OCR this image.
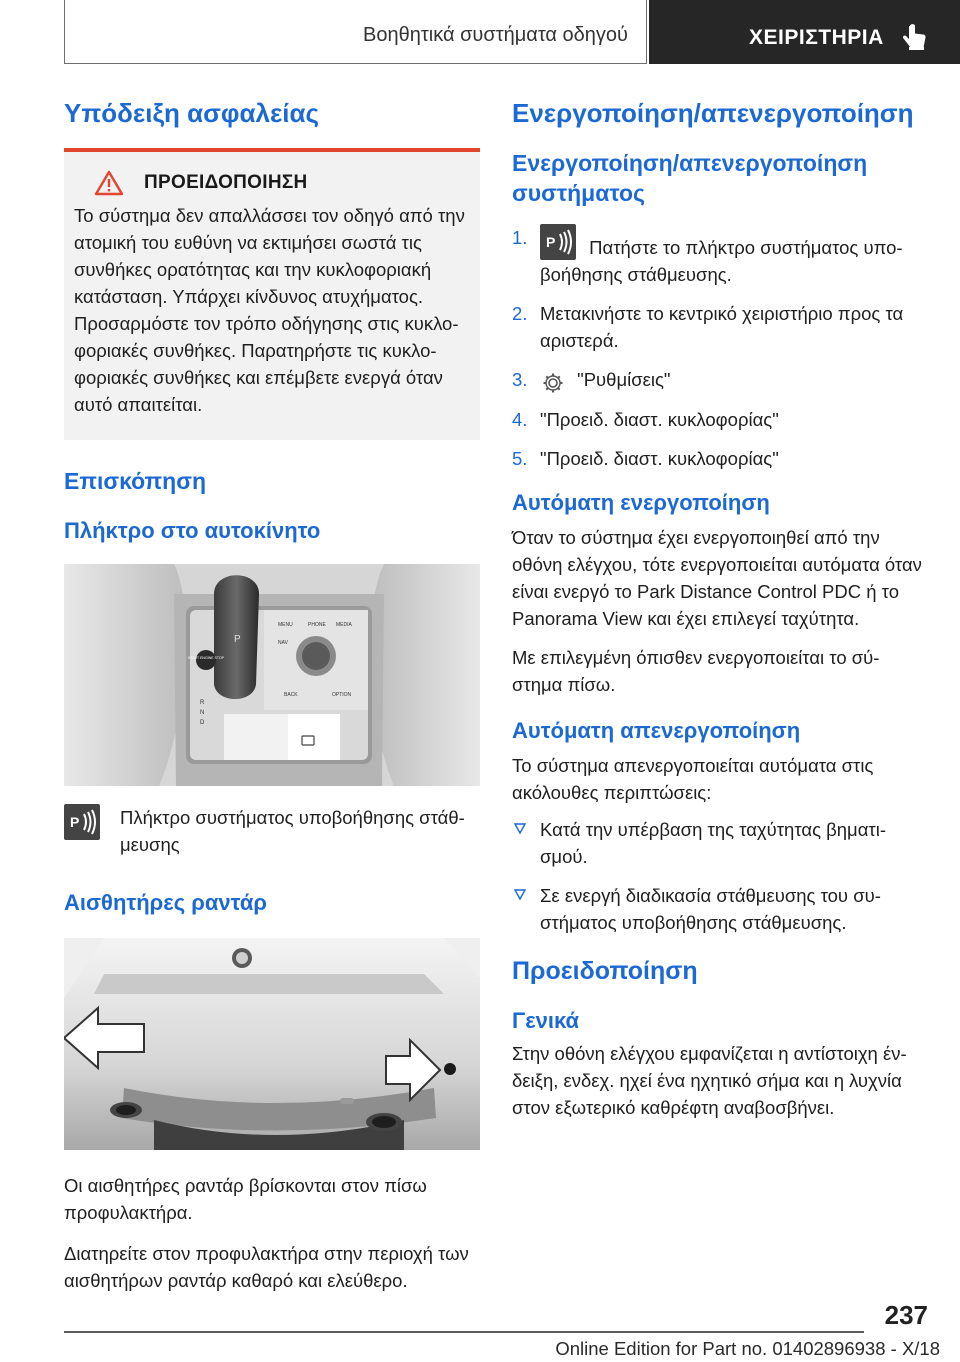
Βοηθητικά συστήματα οδηγού	ΧΕΙΡΙΣΤΗΡΙΑ
Υπόδειξη ασφαλείας
ΠΡΟΕΙΔΟΠΟΙΗΣΗ

Το σύστημα δεν απαλλάσσει τον οδηγό από την ατομική του ευθύνη να εκτιμήσει σωστά τις συνθήκες ορατότητας και την κυκλοφοριακή κατάσταση. Υπάρχει κίνδυνος ατυχήματος. Προσαρμόστε τον τρόπο οδήγησης στις κυκλο-φοριακές συνθήκες. Παρατηρήστε τις κυκλο-φοριακές συνθήκες και επέμβετε ενεργά όταν αυτό απαιτείται.

Επισκόπηση
Πλήκτρο στο αυτοκίνητο
P
START ENGINE STOP
R
N
D
MENU	PHONE MEDIA
NAV
BACK	OPTION
P Πλήκτρο συστήματος υποβοήθησης στάθ-μευσης

Αισθητήρες ραντάρ

Οι αισθητήρες ραντάρ βρίσκονται στον πίσω προφυλακτήρα.

Διατηρείτε στον προφυλακτήρα στην περιοχή των αισθητήρων ραντάρ καθαρό και ελεύθερο.

Ενεργοποίηση/απενεργοποίηση
Ενεργοποίηση/απενεργοποίηση συστήματος
1. P Πατήστε το πλήκτρο συστήματος υπο-βοήθησης στάθμευσης.
2. Μετακινήστε το κεντρικό χειριστήριο προς τα αριστερά.
3.	"Ρυθμίσεις"
4. "Προειδ. διαστ. κυκλοφορίας"
5. "Προειδ. διαστ. κυκλοφορίας"
Αυτόματη ενεργοποίηση

Όταν το σύστημα έχει ενεργοποιηθεί από την οθόνη ελέγχου, τότε ενεργοποιείται αυτόματα όταν είναι ενεργό το Park Distance Control PDC ή το Panorama View και έχει επιλεγεί ταχύτητα.

Με επιλεγμένη όπισθεν ενεργοποιείται το σύ-στημα πίσω.

Αυτόματη απενεργοποίηση

Το σύστημα απενεργοποιείται αυτόματα στις ακόλουθες περιπτώσεις:

Κατά την υπέρβαση της ταχύτητας βηματι-σμού.
Σε ενεργή διαδικασία στάθμευσης του συ-στήματος υποβοήθησης στάθμευσης.
Προειδοποίηση
Γενικά

Στην οθόνη ελέγχου εμφανίζεται η αντίστοιχη έν-δειξη, ενδεχ. ηχεί ένα ηχητικό σήμα και η λυχνία στον εξωτερικό καθρέφτη αναβοσβήνει.

237
Online Edition for Part no. 01402896938 - X/18
